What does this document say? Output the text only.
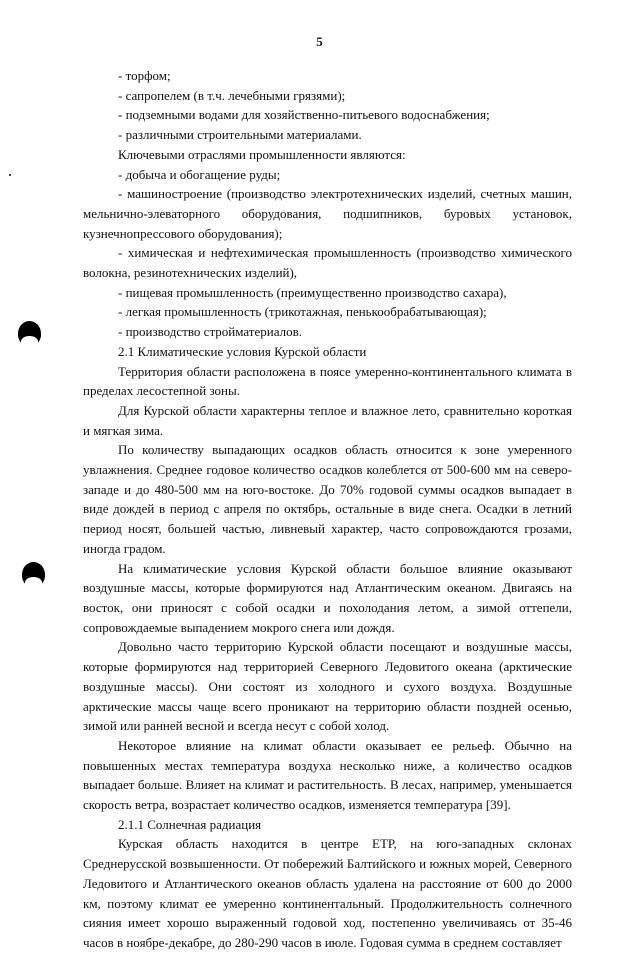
5

- торфом;

- сапропелем (в т.ч. лечебными грязями);

- подземными водами для хозяйственно-питьевого водоснабжения;

- различными строительными материалами.

Ключевыми отраслями промышленности являются:

- добыча и обогащение руды;

- машиностроение (производство электротехнических изделий, счетных машин, мельнично-элеваторного оборудования, подшипников, буровых установок, кузнечнопрессового оборудования);

- химическая и нефтехимическая промышленность (производство химического волокна, резинотехнических изделий),

- пищевая промышленность (преимущественно производство сахара),

- легкая промышленность (трикотажная, пенькообрабатывающая);

- производство стройматериалов.

2.1 Климатические условия Курской области

Территория области расположена в поясе умеренно-континентального климата в пределах лесостепной зоны.

Для Курской области характерны теплое и влажное лето, сравнительно короткая и мягкая зима.

По количеству выпадающих осадков область относится к зоне умеренного увлажнения. Среднее годовое количество осадков колеблется от 500-600 мм на северо-западе и до 480-500 мм на юго-востоке. До 70% годовой суммы осадков выпадает в виде дождей в период с апреля по октябрь, остальные в виде снега. Осадки в летний период носят, большей частью, ливневый характер, часто сопровождаются грозами, иногда градом.

На климатические условия Курской области большое влияние оказывают воздушные массы, которые формируются над Атлантическим океаном. Двигаясь на восток, они приносят с собой осадки и похолодания летом, а зимой оттепели, сопровождаемые выпадением мокрого снега или дождя.

Довольно часто территорию Курской области посещают и воздушные массы, которые формируются над территорией Северного Ледовитого океана (арктические воздушные массы). Они состоят из холодного и сухого воздуха. Воздушные арктические массы чаще всего проникают на территорию области поздней осенью, зимой или ранней весной и всегда несут с собой холод.

Некоторое влияние на климат области оказывает ее рельеф. Обычно на повышенных местах температура воздуха несколько ниже, а количество осадков выпадает больше. Влияет на климат и растительность. В лесах, например, уменьшается скорость ветра, возрастает количество осадков, изменяется температура [39].

2.1.1 Солнечная радиация

Курская область находится в центре ЕТР, на юго-западных склонах Среднерусской возвышенности. От побережий Балтийского и южных морей, Северного Ледовитого и Атлантического океанов область удалена на расстояние от 600 до 2000 км, поэтому климат ее умеренно континентальный. Продолжительность солнечного сияния имеет хорошо выраженный годовой ход, постепенно увеличиваясь от 35-46 часов в ноябре-декабре, до 280-290 часов в июле. Годовая сумма в среднем составляет
